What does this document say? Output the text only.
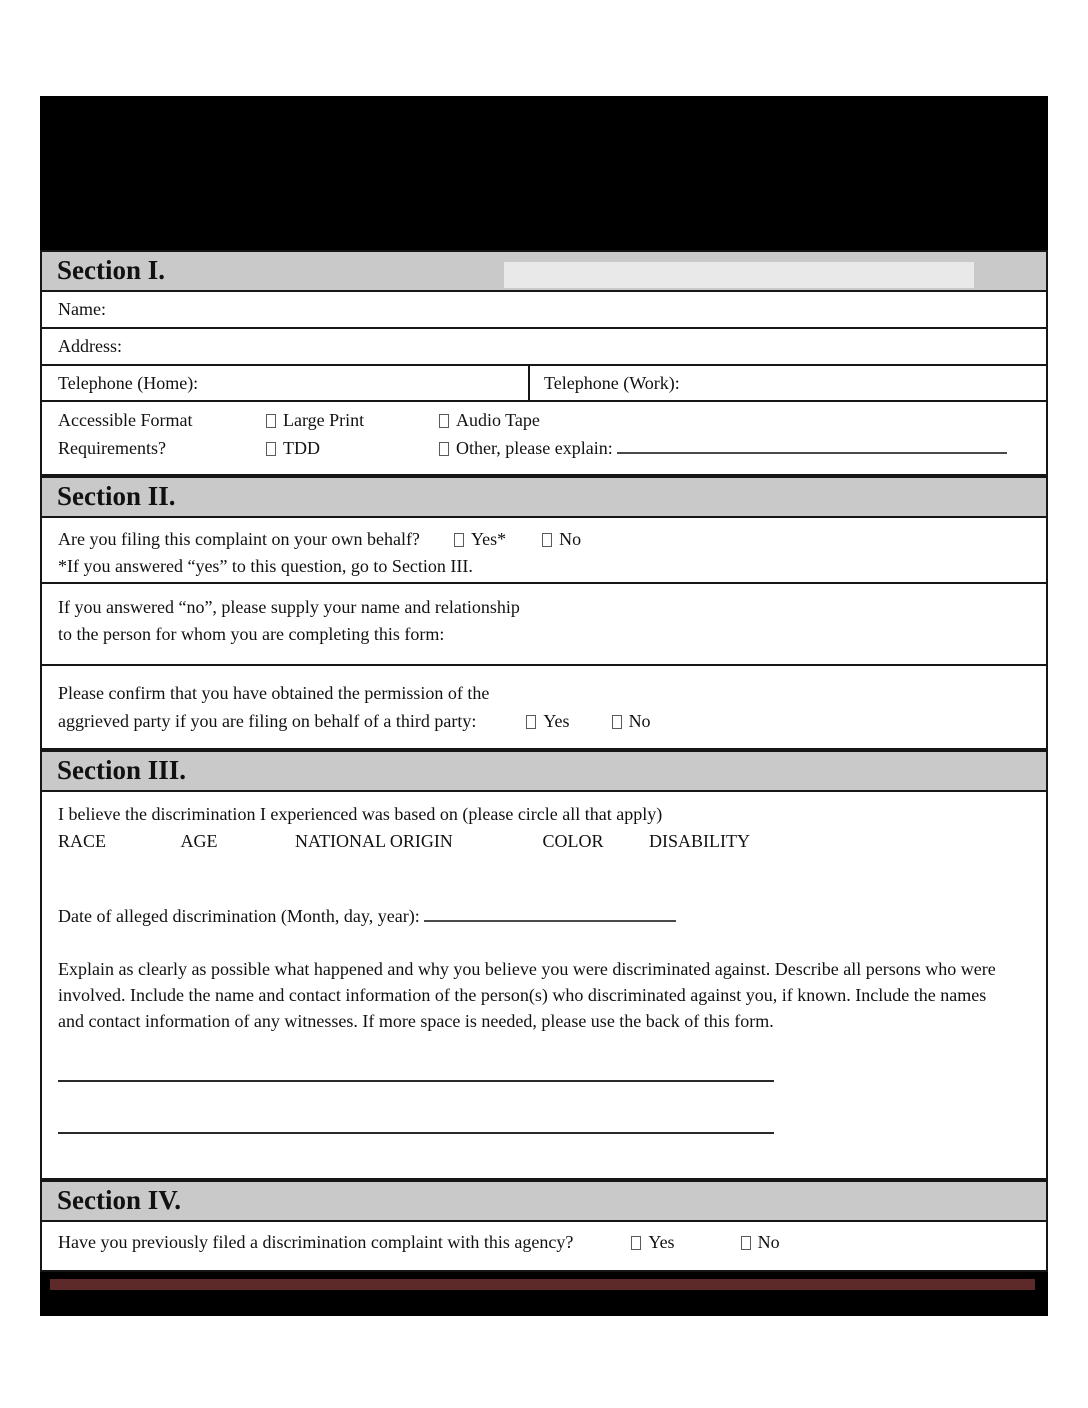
Section I.
Name:
Address:
Telephone (Home):	Telephone (Work):
Accessible Format	Large Print	Audio Tape
Requirements?	TDD	Other, please explain:
Section II.
Are you filing this complaint on your own behalf?	Yes*	No
*If you answered “yes” to this question, go to Section III.
If you answered “no”, please supply your name and relationship
to the person for whom you are completing this form:
Please confirm that you have obtained the permission of the
aggrieved party if you are filing on behalf of a third party:	Yes	No
Section III.
I believe the discrimination I experienced was based on (please circle all that apply)
RACE	AGE	NATIONAL ORIGIN	COLOR	DISABILITY
Date of alleged discrimination (Month, day, year):
Explain as clearly as possible what happened and why you believe you were discriminated against. Describe all persons who were involved. Include the name and contact information of the person(s) who discriminated against you, if known. Include the names and contact information of any witnesses. If more space is needed, please use the back of this form.
Section IV.
Have you previously filed a discrimination complaint with this agency?	Yes	No
